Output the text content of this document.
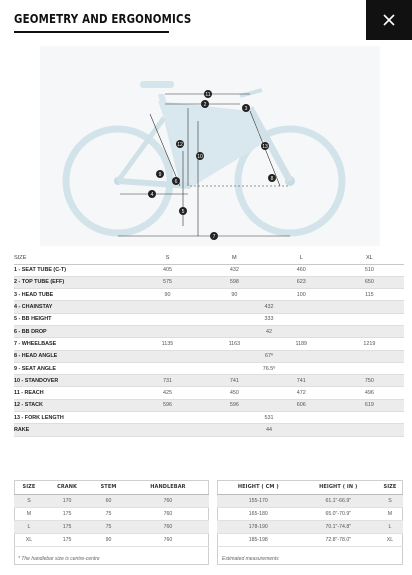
GEOMETRY AND ERGONOMICS
11
2
3
12	13
10
9
6
4
5
8
7
SIZE	S	M	L	XL
1 - SEAT TUBE (C-T)	405	432	460	510
2 - TOP TUBE (EFF)	575	598	623	650
3 - HEAD TUBE	90	90	100	115
4 - CHAINSTAY	432			
5 - BB HEIGHT	333			
6 - BB DROP	42			
7 - WHEELBASE	1135	1163	1189	1219
8 - HEAD ANGLE	67º			
9 - SEAT ANGLE	76.5º			
10 - STANDOVER	731	741	741	750
11 - REACH	425	450	472	496
12 - STACK	596	596	606	619
13 - FORK LENGTH	531			
RAKE	44			
SIZE	CRANK	STEM	HANDLEBAR
S	170	60	760
M	175	75	760
L	175	75	760
XL	175	90	760
HEIGHT ( CM )	HEIGHT ( IN )	SIZE
155-170	61.1"-66.9"	S
165-180	65.0"-70.9"	M
178-190	70.1"-74.8"	L
185-198	72.8"-78.0"	XL
* The handlebar size is centre-centre	Estimated measurements
